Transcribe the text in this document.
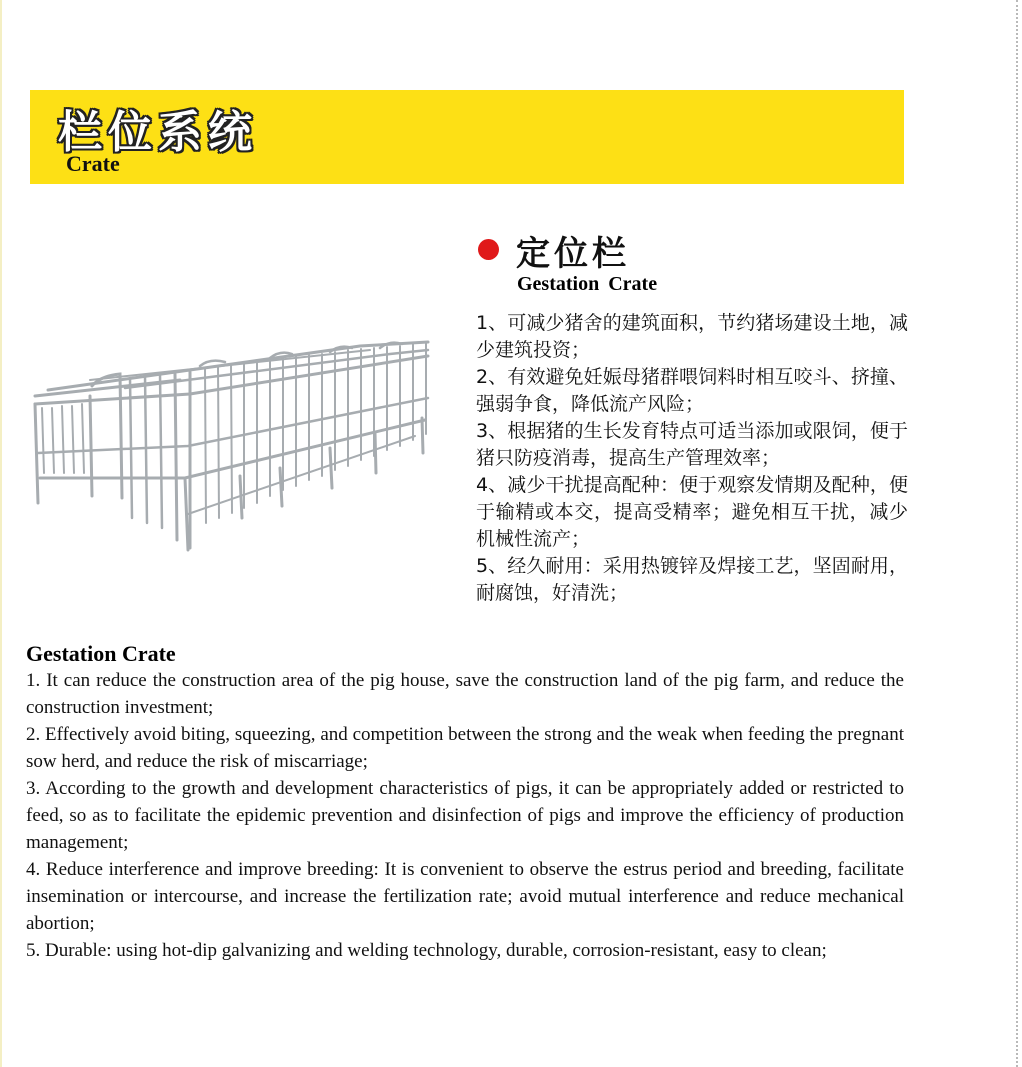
栏位系统
Crate
定位栏
Gestation Crate

1、可减少猪舍的建筑面积，节约猪场建设土地，减少建筑投资；

2、有效避免妊娠母猪群喂饲料时相互咬斗、挤撞、强弱争食，降低流产风险；

3、根据猪的生长发育特点可适当添加或限饲，便于猪只防疫消毒，提高生产管理效率；

4、减少干扰提高配种：便于观察发情期及配种，便于输精或本交，提高受精率；避免相互干扰，减少机械性流产；

5、经久耐用：采用热镀锌及焊接工艺，坚固耐用，耐腐蚀，好清洗；

Gestation Crate

1. It can reduce the construction area of the pig house, save the construction land of the pig farm, and reduce the construction investment;

2. Effectively avoid biting, squeezing, and competition between the strong and the weak when feeding the pregnant sow herd, and reduce the risk of miscarriage;

3. According to the growth and development characteristics of pigs, it can be appropriately added or restricted to feed, so as to facilitate the epidemic prevention and disinfection of pigs and improve the efficiency of production management;

4. Reduce interference and improve breeding: It is convenient to observe the estrus period and breeding, facilitate insemination or intercourse, and increase the fertilization rate; avoid mutual interference and reduce mechanical abortion;

5. Durable: using hot-dip galvanizing and welding technology, durable, corrosion-resistant, easy to clean;
